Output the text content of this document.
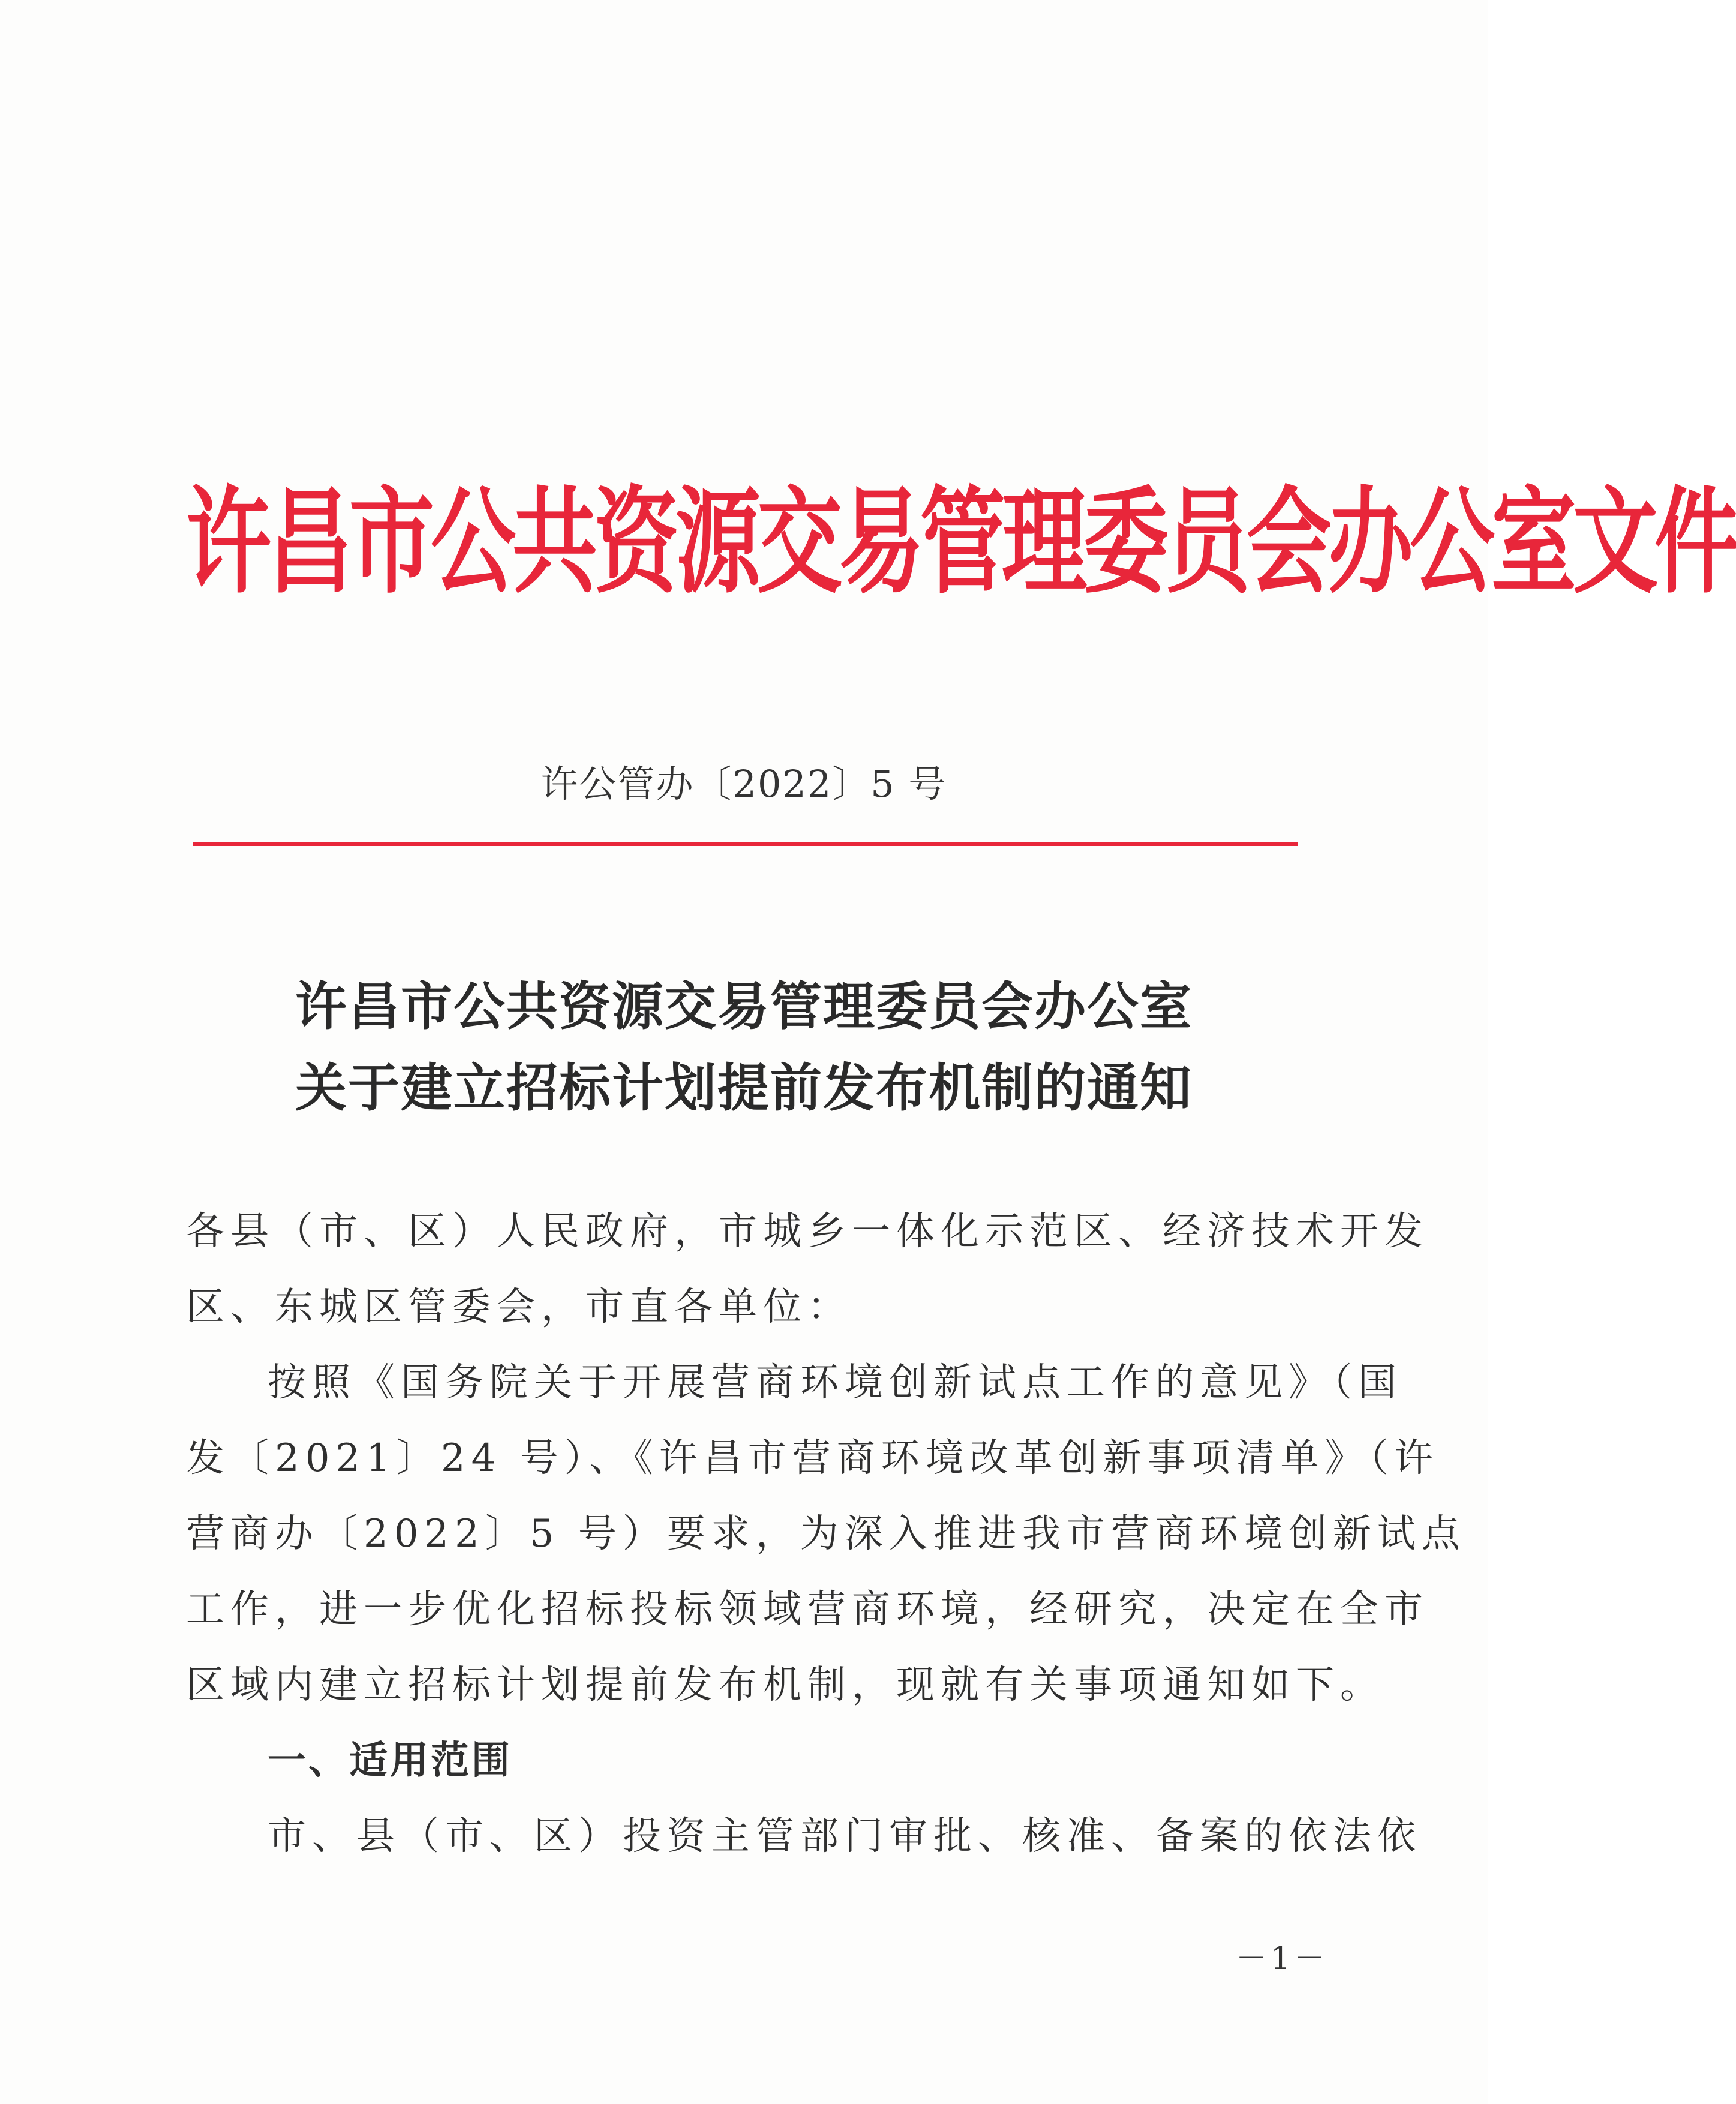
许昌市公共资源交易管理委员会办公室文件
许公管办〔2022〕5 号
许昌市公共资源交易管理委员会办公室
关于建立招标计划提前发布机制的通知
各县（市、区）人民政府，市城乡一体化示范区、经济技术开发
区、东城区管委会，市直各单位：
按照《国务院关于开展营商环境创新试点工作的意见》（国
发〔2021〕24 号）、《许昌市营商环境改革创新事项清单》（许
营商办〔2022〕5 号）要求，为深入推进我市营商环境创新试点
工作，进一步优化招标投标领域营商环境，经研究，决定在全市
区域内建立招标计划提前发布机制，现就有关事项通知如下。
一、适用范围
市、县（市、区）投资主管部门审批、核准、备案的依法依
－1－
